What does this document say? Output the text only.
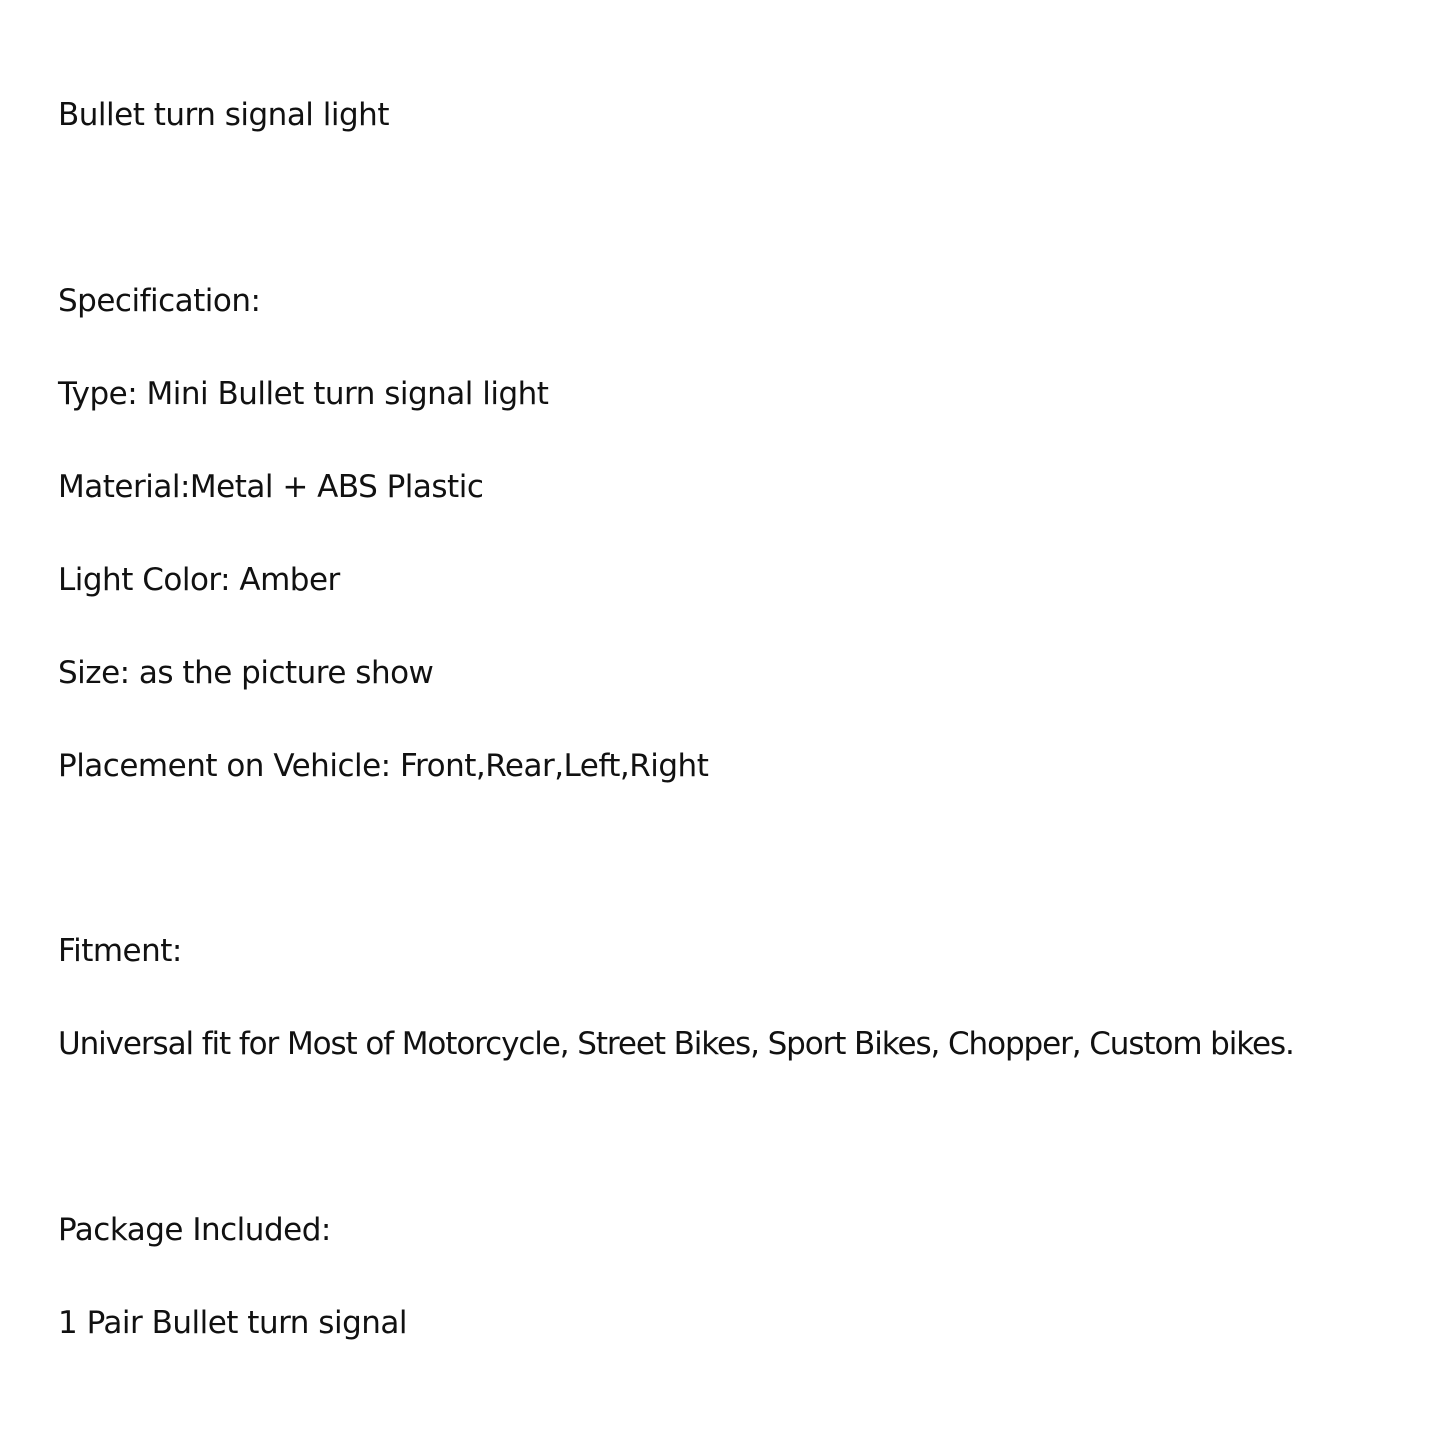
Bullet turn signal light

Specification:

Type: Mini Bullet turn signal light

Material:Metal + ABS Plastic

Light Color: Amber

Size: as the picture show

Placement on Vehicle: Front,Rear,Left,Right

Fitment:

Universal fit for Most of Motorcycle, Street Bikes, Sport Bikes, Chopper, Custom bikes.

Package Included:

1 Pair Bullet turn signal
